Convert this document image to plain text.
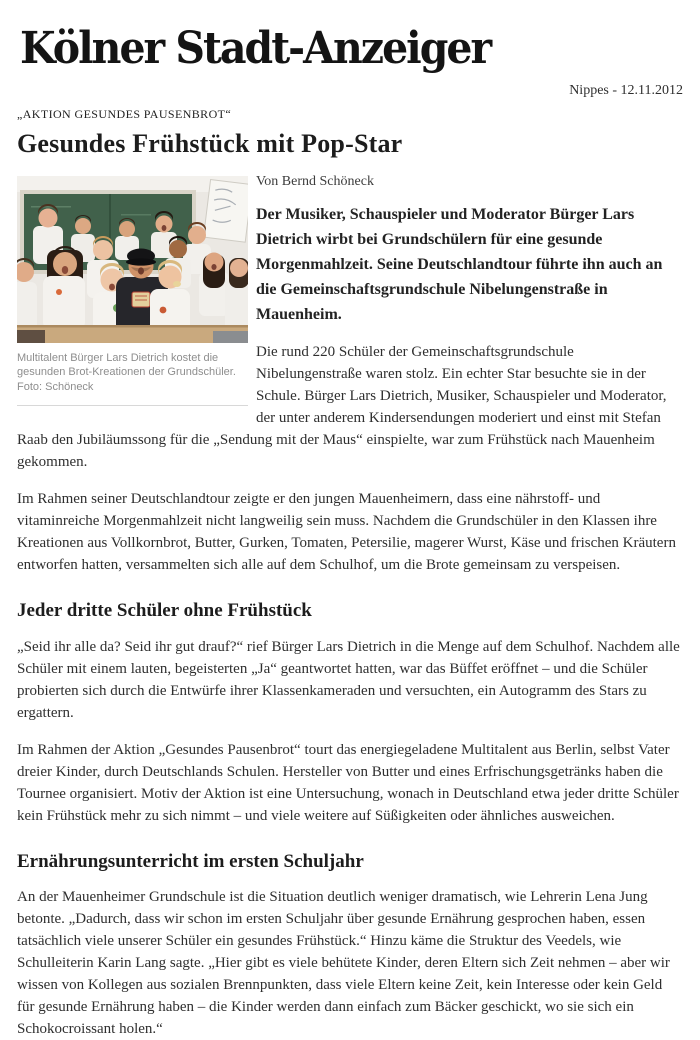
Kölner Stadt-Anzeiger
Nippes - 12.11.2012
„AKTION GESUNDES PAUSENBROT“
Gesundes Frühstück mit Pop-Star
Multitalent Bürger Lars Dietrich kostet die gesunden Brot-Kreationen der Grundschüler. Foto: Schöneck
Von Bernd Schöneck

Der Musiker, Schauspieler und Moderator Bürger Lars Dietrich wirbt bei Grundschülern für eine gesunde Morgenmahlzeit. Seine Deutschlandtour führte ihn auch an die Gemeinschaftsgrundschule Nibelungenstraße in Mauenheim.

Die rund 220 Schüler der Gemeinschaftsgrundschule Nibelungenstraße waren stolz. Ein echter Star besuchte sie in der Schule. Bürger Lars Dietrich, Musiker, Schauspieler und Moderator, der unter anderem Kindersendungen moderiert und einst mit Stefan Raab den Jubiläumssong für die „Sendung mit der Maus“ einspielte, war zum Frühstück nach Mauenheim gekommen.

Im Rahmen seiner Deutschlandtour zeigte er den jungen Mauenheimern, dass eine nährstoff- und vitaminreiche Morgenmahlzeit nicht langweilig sein muss. Nachdem die Grundschüler in den Klassen ihre Kreationen aus Vollkornbrot, Butter, Gurken, Tomaten, Petersilie, magerer Wurst, Käse und frischen Kräutern entworfen hatten, versammelten sich alle auf dem Schulhof, um die Brote gemeinsam zu verspeisen.

Jeder dritte Schüler ohne Frühstück

„Seid ihr alle da? Seid ihr gut drauf?“ rief Bürger Lars Dietrich in die Menge auf dem Schulhof. Nachdem alle Schüler mit einem lauten, begeisterten „Ja“ geantwortet hatten, war das Büffet eröffnet – und die Schüler probierten sich durch die Entwürfe ihrer Klassenkameraden und versuchten, ein Autogramm des Stars zu ergattern.

Im Rahmen der Aktion „Gesundes Pausenbrot“ tourt das energiegeladene Multitalent aus Berlin, selbst Vater dreier Kinder, durch Deutschlands Schulen. Hersteller von Butter und eines Erfrischungsgetränks haben die Tournee organisiert. Motiv der Aktion ist eine Untersuchung, wonach in Deutschland etwa jeder dritte Schüler kein Frühstück mehr zu sich nimmt – und viele weitere auf Süßigkeiten oder ähnliches ausweichen.

Ernährungsunterricht im ersten Schuljahr

An der Mauenheimer Grundschule ist die Situation deutlich weniger dramatisch, wie Lehrerin Lena Jung betonte. „Dadurch, dass wir schon im ersten Schuljahr über gesunde Ernährung gesprochen haben, essen tatsächlich viele unserer Schüler ein gesundes Frühstück.“ Hinzu käme die Struktur des Veedels, wie Schulleiterin Karin Lang sagte. „Hier gibt es viele behütete Kinder, deren Eltern sich Zeit nehmen – aber wir wissen von Kollegen aus sozialen Brennpunkten, dass viele Eltern keine Zeit, kein Interesse oder kein Geld für gesunde Ernährung haben – die Kinder werden dann einfach zum Bäcker geschickt, wo sie sich ein Schokocroissant holen.“
